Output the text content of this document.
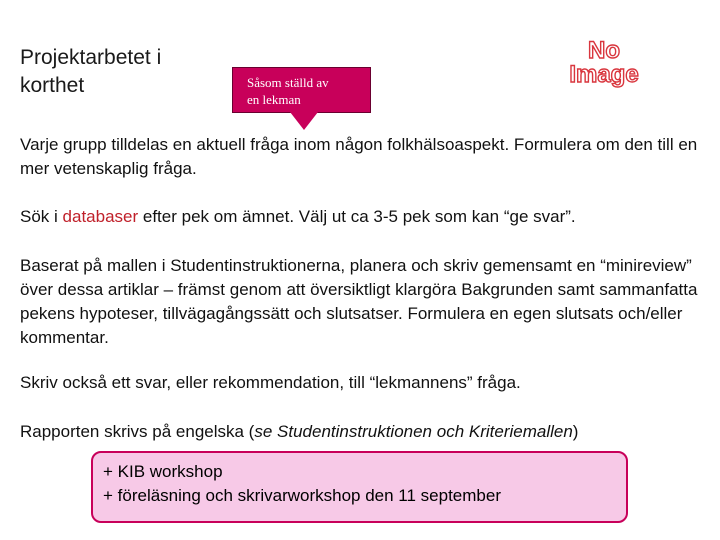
Projektarbetet i korthet	Såsom ställd av
en lekman
No
Image
Varje grupp tilldelas en aktuell fråga inom någon folkhälsoaspekt. Formulera om den till en mer vetenskaplig fråga.
Sök i databaser efter pek om ämnet. Välj ut ca 3-5 pek som kan “ge svar”.
Baserat på mallen i Studentinstruktionerna, planera och skriv gemensamt en “minireview” över dessa artiklar – främst genom att översiktligt klargöra Bakgrunden samt sammanfatta pekens hypoteser, tillvägagångssätt och slutsatser. Formulera en egen slutsats och/eller kommentar.
Skriv också ett svar, eller rekommendation, till “lekmannens” fråga.
Rapporten skrivs på engelska (se Studentinstruktionen och Kriteriemallen)
+ KIB workshop
+ föreläsning och skrivarworkshop den 11 september
